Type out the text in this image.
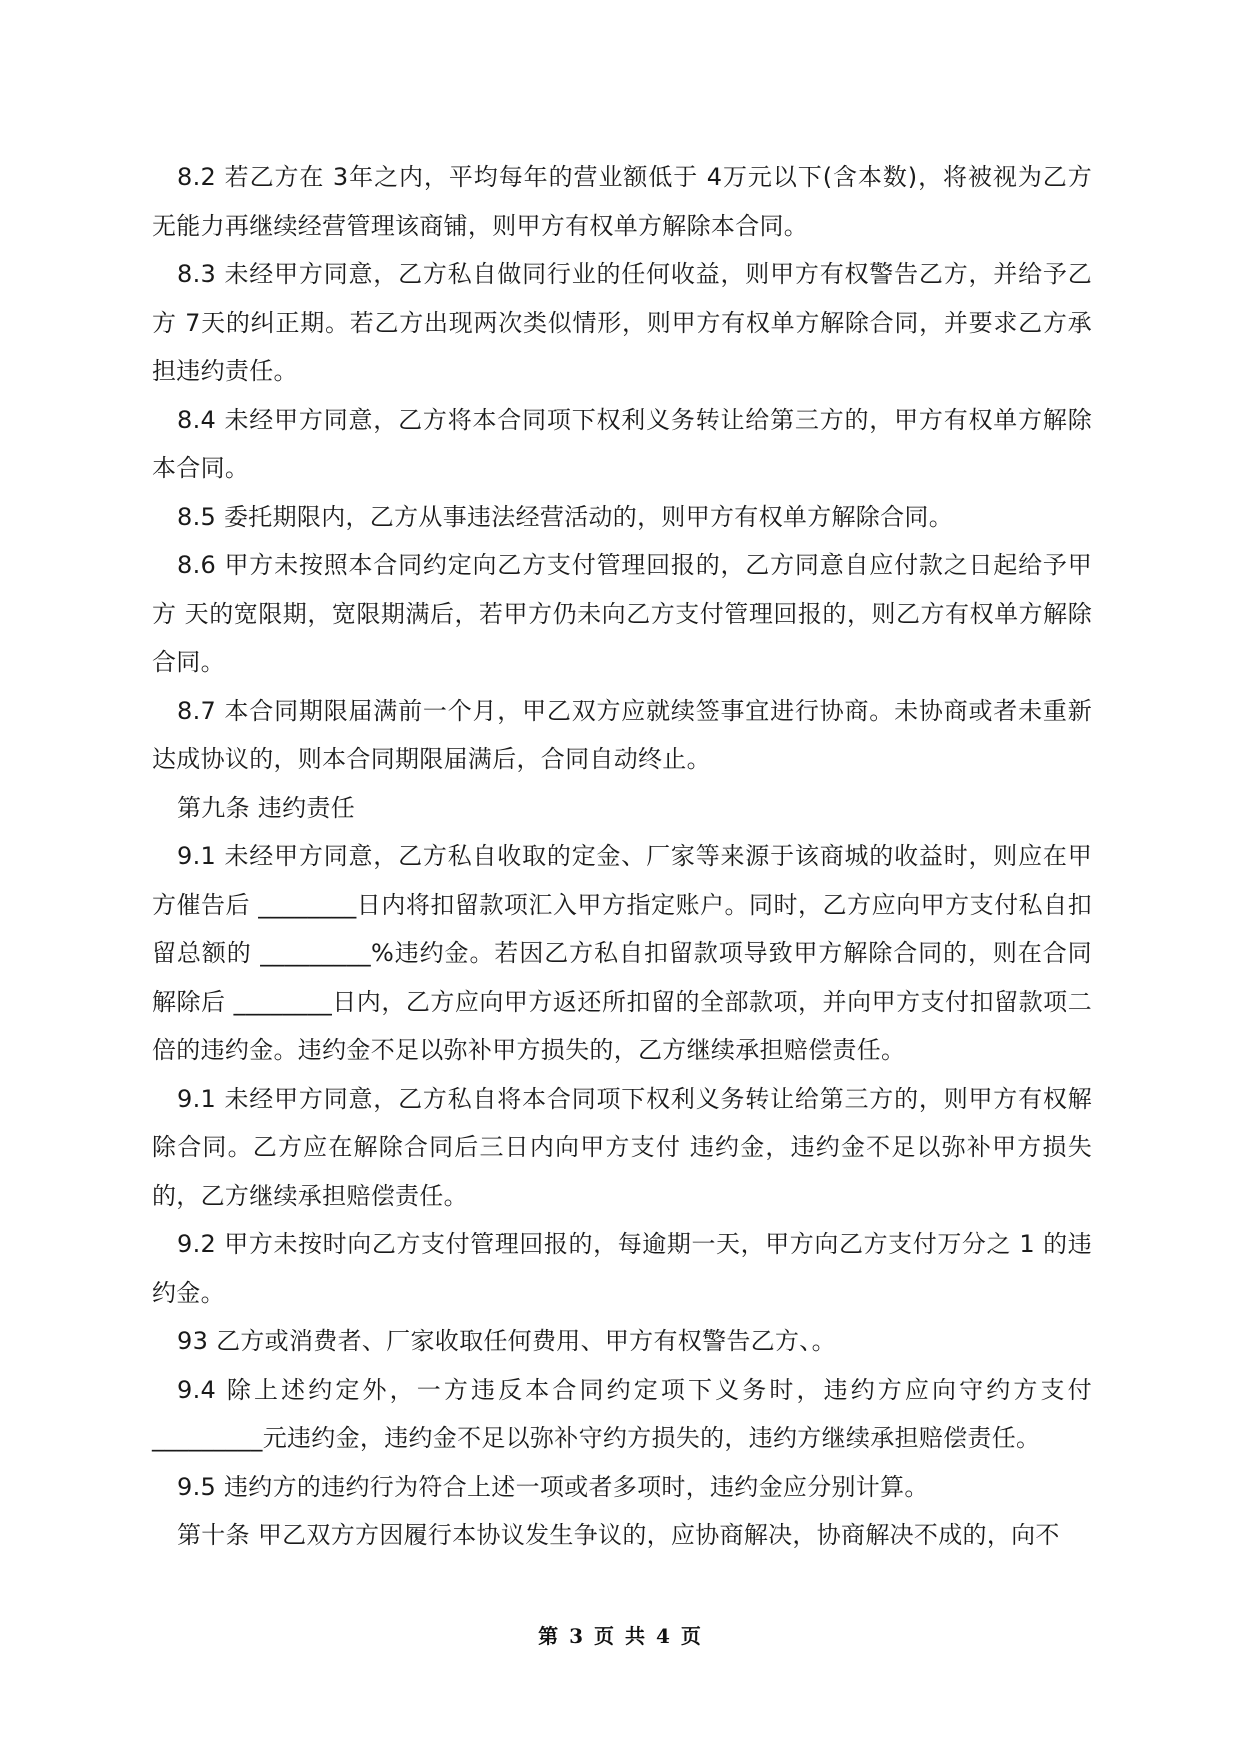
8.2 若乙方在 3年之内，平均每年的营业额低于 4万元以下(含本数)，将被视为乙方无能力再继续经营管理该商铺，则甲方有权单方解除本合同。

8.3 未经甲方同意，乙方私自做同行业的任何收益，则甲方有权警告乙方，并给予乙方 7天的纠正期。若乙方出现两次类似情形，则甲方有权单方解除合同，并要求乙方承担违约责任。

8.4 未经甲方同意，乙方将本合同项下权利义务转让给第三方的，甲方有权单方解除本合同。

8.5 委托期限内，乙方从事违法经营活动的，则甲方有权单方解除合同。

8.6 甲方未按照本合同约定向乙方支付管理回报的，乙方同意自应付款之日起给予甲方 天的宽限期，宽限期满后，若甲方仍未向乙方支付管理回报的，则乙方有权单方解除合同。

8.7 本合同期限届满前一个月，甲乙双方应就续签事宜进行协商。未协商或者未重新达成协议的，则本合同期限届满后，合同自动终止。

第九条 违约责任

9.1 未经甲方同意，乙方私自收取的定金、厂家等来源于该商城的收益时，则应在甲方催告后 ________日内将扣留款项汇入甲方指定账户。同时，乙方应向甲方支付私自扣留总额的 _________%违约金。若因乙方私自扣留款项导致甲方解除合同的，则在合同解除后 ________日内，乙方应向甲方返还所扣留的全部款项，并向甲方支付扣留款项二倍的违约金。违约金不足以弥补甲方损失的，乙方继续承担赔偿责任。

9.1 未经甲方同意，乙方私自将本合同项下权利义务转让给第三方的，则甲方有权解除合同。乙方应在解除合同后三日内向甲方支付 违约金，违约金不足以弥补甲方损失的，乙方继续承担赔偿责任。

9.2 甲方未按时向乙方支付管理回报的，每逾期一天，甲方向乙方支付万分之 1 的违约金。

93 乙方或消费者、厂家收取任何费用、甲方有权警告乙方、。

9.4 除上述约定外，一方违反本合同约定项下义务时，违约方应向守约方支付_________元违约金，违约金不足以弥补守约方损失的，违约方继续承担赔偿责任。

9.5 违约方的违约行为符合上述一项或者多项时，违约金应分别计算。

第十条 甲乙双方方因履行本协议发生争议的，应协商解决，协商解决不成的，向不

第 3 页 共 4 页
